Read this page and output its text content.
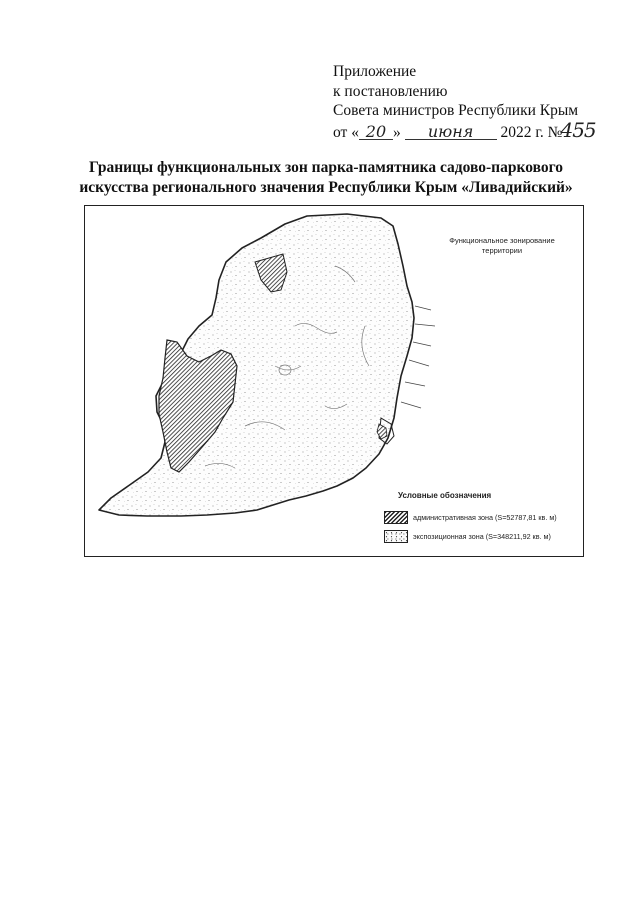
Приложение
к постановлению
Совета министров Республики Крым
от « 20 » июня 2022 г. №455
Границы функциональных зон парка-памятника садово-паркового
искусства регионального значения Республики Крым «Ливадийский»
Функциональное зонирование
территории
Условные обозначения
административная зона (S=52787,81 кв. м)
экспозиционная зона (S=348211,92 кв. м)
